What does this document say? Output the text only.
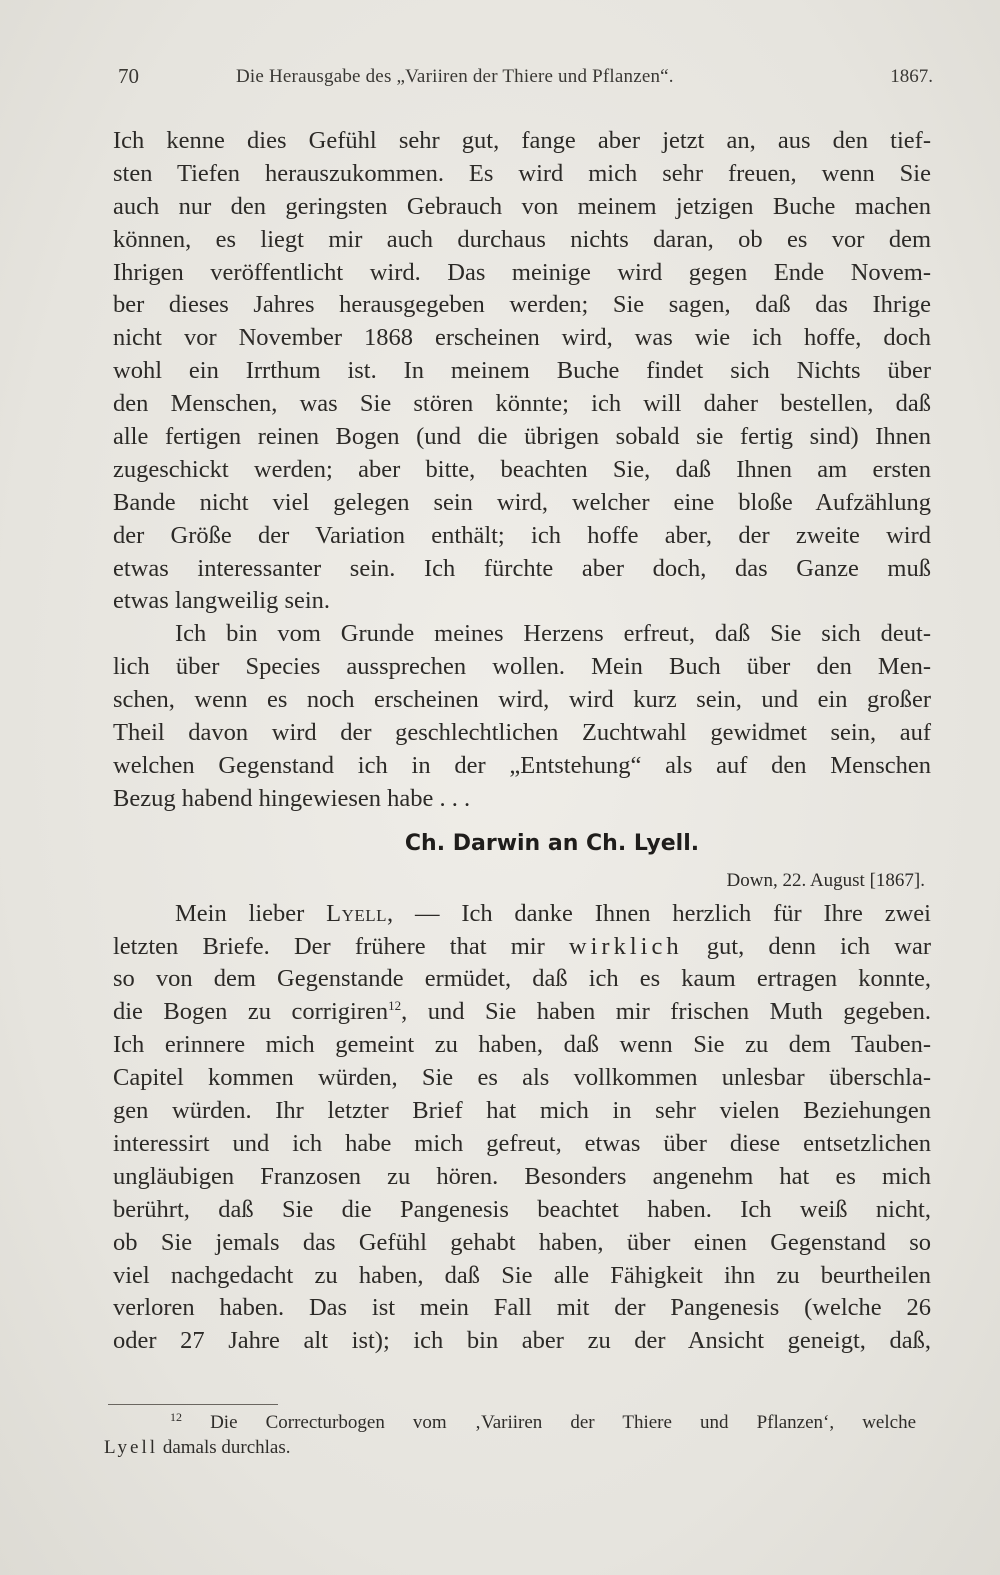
70	Die Herausgabe des „Variiren der Thiere und Pflanzen“.	1867.
Ich kenne dies Gefühl sehr gut, fange aber jetzt an, aus den tief-
sten Tiefen herauszukommen. Es wird mich sehr freuen, wenn Sie
auch nur den geringsten Gebrauch von meinem jetzigen Buche machen
können, es liegt mir auch durchaus nichts daran, ob es vor dem
Ihrigen veröffentlicht wird. Das meinige wird gegen Ende Novem-
ber dieses Jahres herausgegeben werden; Sie sagen, daß das Ihrige
nicht vor November 1868 erscheinen wird, was wie ich hoffe, doch
wohl ein Irrthum ist. In meinem Buche findet sich Nichts über
den Menschen, was Sie stören könnte; ich will daher bestellen, daß
alle fertigen reinen Bogen (und die übrigen sobald sie fertig sind) Ihnen
zugeschickt werden; aber bitte, beachten Sie, daß Ihnen am ersten
Bande nicht viel gelegen sein wird, welcher eine bloße Aufzählung
der Größe der Variation enthält; ich hoffe aber, der zweite wird
etwas interessanter sein. Ich fürchte aber doch, das Ganze muß
etwas langweilig sein.
Ich bin vom Grunde meines Herzens erfreut, daß Sie sich deut-
lich über Species aussprechen wollen. Mein Buch über den Men-
schen, wenn es noch erscheinen wird, wird kurz sein, und ein großer
Theil davon wird der geschlechtlichen Zuchtwahl gewidmet sein, auf
welchen Gegenstand ich in der „Entstehung“ als auf den Menschen
Bezug habend hingewiesen habe . . .
Ch. Darwin an Ch. Lyell.
Down, 22. August [1867].
Mein lieber Lyell, — Ich danke Ihnen herzlich für Ihre zwei
letzten Briefe. Der frühere that mir wirklich gut, denn ich war
so von dem Gegenstande ermüdet, daß ich es kaum ertragen konnte,
die Bogen zu corrigiren$^{12}$, und Sie haben mir frischen Muth gegeben.
Ich erinnere mich gemeint zu haben, daß wenn Sie zu dem Tauben-
Capitel kommen würden, Sie es als vollkommen unlesbar überschla-
gen würden. Ihr letzter Brief hat mich in sehr vielen Beziehungen
interessirt und ich habe mich gefreut, etwas über diese entsetzlichen
ungläubigen Franzosen zu hören. Besonders angenehm hat es mich
berührt, daß Sie die Pangenesis beachtet haben. Ich weiß nicht,
ob Sie jemals das Gefühl gehabt haben, über einen Gegenstand so
viel nachgedacht zu haben, daß Sie alle Fähigkeit ihn zu beurtheilen
verloren haben. Das ist mein Fall mit der Pangenesis (welche 26
oder 27 Jahre alt ist); ich bin aber zu der Ansicht geneigt, daß,
$^{12}$ Die Correcturbogen vom ‚Variiren der Thiere und Pflanzen‘, welche
Lyell damals durchlas.
